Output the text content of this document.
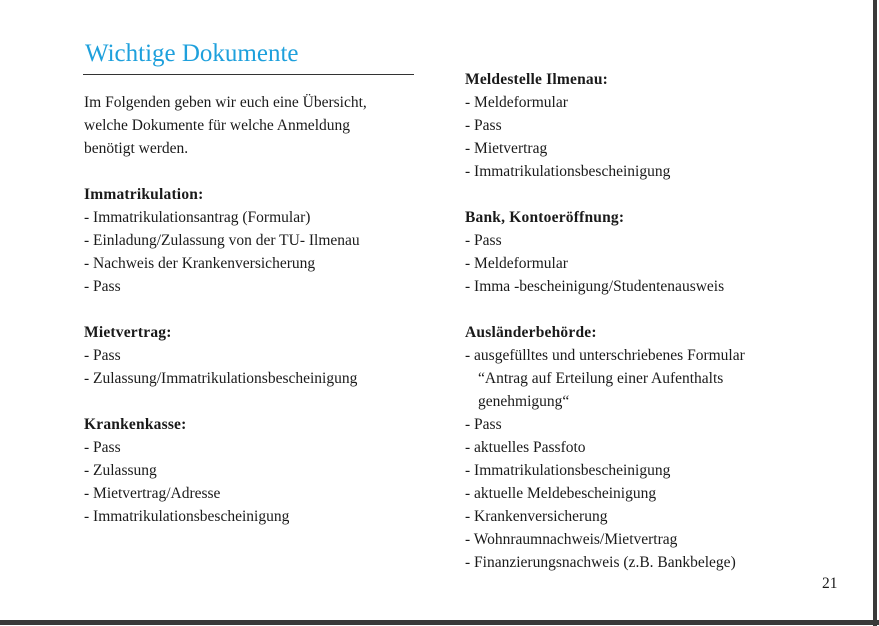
Wichtige Dokumente
Im Folgenden geben wir euch eine Übersicht,
welche Dokumente für welche Anmeldung
benötigt werden.
Immatrikulation:
- Immatrikulationsantrag (Formular)
- Einladung/Zulassung von der TU- Ilmenau
- Nachweis der Krankenversicherung
- Pass
Mietvertrag:
- Pass
- Zulassung/Immatrikulationsbescheinigung
Krankenkasse:
- Pass
- Zulassung
- Mietvertrag/Adresse
- Immatrikulationsbescheinigung
Meldestelle Ilmenau:
- Meldeformular
- Pass
- Mietvertrag
- Immatrikulationsbescheinigung
Bank, Kontoeröffnung:
- Pass
- Meldeformular
- Imma -bescheinigung/Studentenausweis
Ausländerbehörde:
- ausgefülltes und unterschriebenes Formular
“Antrag auf Erteilung einer Aufenthalts
genehmigung“
- Pass
- aktuelles Passfoto
- Immatrikulationsbescheinigung
- aktuelle Meldebescheinigung
- Krankenversicherung
- Wohnraumnachweis/Mietvertrag
- Finanzierungsnachweis (z.B. Bankbelege)
21
